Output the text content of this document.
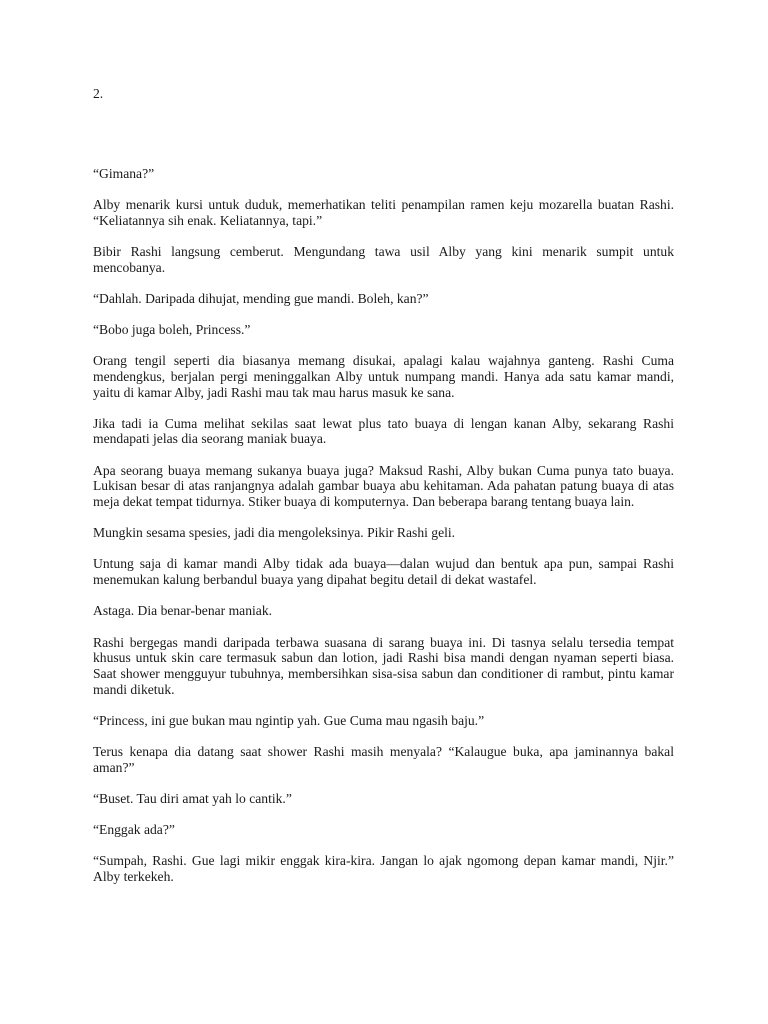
2.

“Gimana?”

Alby menarik kursi untuk duduk, memerhatikan teliti penampilan ramen keju mozarella buatan Rashi. “Keliatannya sih enak. Keliatannya, tapi.”

Bibir Rashi langsung cemberut. Mengundang tawa usil Alby yang kini menarik sumpit untuk mencobanya.

“Dahlah. Daripada dihujat, mending gue mandi. Boleh, kan?”

“Bobo juga boleh, Princess.”

Orang tengil seperti dia biasanya memang disukai, apalagi kalau wajahnya ganteng. Rashi Cuma mendengkus, berjalan pergi meninggalkan Alby untuk numpang mandi. Hanya ada satu kamar mandi, yaitu di kamar Alby, jadi Rashi mau tak mau harus masuk ke sana.

Jika tadi ia Cuma melihat sekilas saat lewat plus tato buaya di lengan kanan Alby, sekarang Rashi mendapati jelas dia seorang maniak buaya.

Apa seorang buaya memang sukanya buaya juga? Maksud Rashi, Alby bukan Cuma punya tato buaya. Lukisan besar di atas ranjangnya adalah gambar buaya abu kehitaman. Ada pahatan patung buaya di atas meja dekat tempat tidurnya. Stiker buaya di komputernya. Dan beberapa barang tentang buaya lain.

Mungkin sesama spesies, jadi dia mengoleksinya. Pikir Rashi geli.

Untung saja di kamar mandi Alby tidak ada buaya—dalan wujud dan bentuk apa pun, sampai Rashi menemukan kalung berbandul buaya yang dipahat begitu detail di dekat wastafel.

Astaga. Dia benar-benar maniak.

Rashi bergegas mandi daripada terbawa suasana di sarang buaya ini. Di tasnya selalu tersedia tempat khusus untuk skin care termasuk sabun dan lotion, jadi Rashi bisa mandi dengan nyaman seperti biasa. Saat shower mengguyur tubuhnya, membersihkan sisa-sisa sabun dan conditioner di rambut, pintu kamar mandi diketuk.

“Princess, ini gue bukan mau ngintip yah. Gue Cuma mau ngasih baju.”

Terus kenapa dia datang saat shower Rashi masih menyala? “Kalaugue buka, apa jaminannya bakal aman?”

“Buset. Tau diri amat yah lo cantik.”

“Enggak ada?”

“Sumpah, Rashi. Gue lagi mikir enggak kira-kira. Jangan lo ajak ngomong depan kamar mandi, Njir.” Alby terkekeh.
